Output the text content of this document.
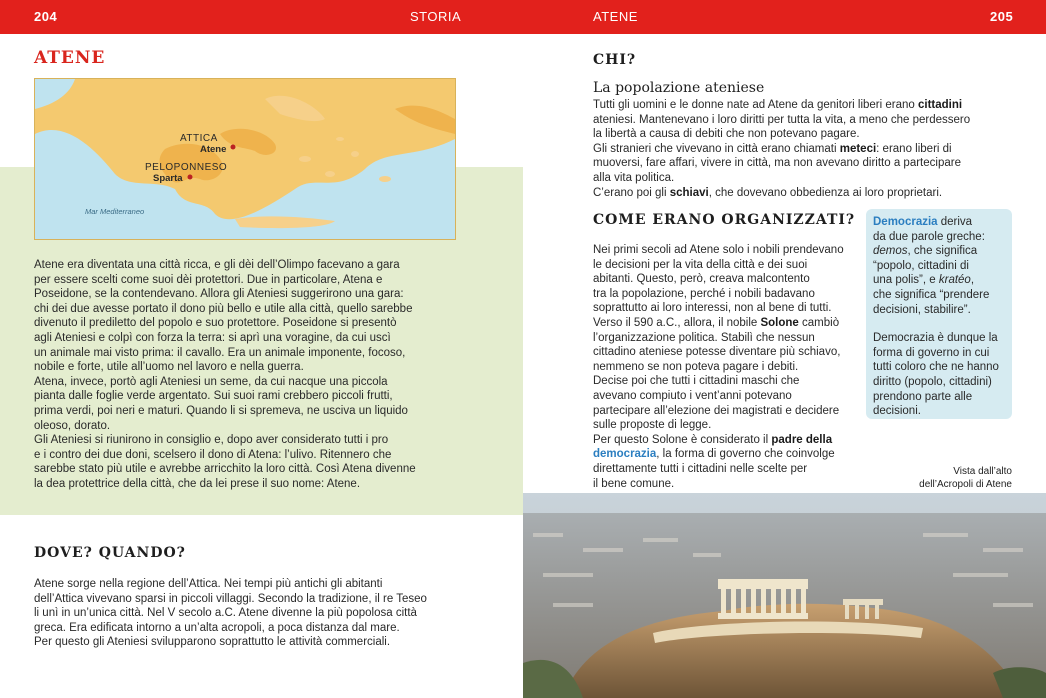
204	STORIA	ATENE	205
ATENE
ATTICA
Atene
PELOPONNESO
Sparta
Mar Mediterraneo
Atene era diventata una città ricca, e gli dèi dell’Olimpo facevano a gara
per essere scelti come suoi dèi protettori. Due in particolare, Atena e
Poseidone, se la contendevano. Allora gli Ateniesi suggerirono una gara:
chi dei due avesse portato il dono più bello e utile alla città, quello sarebbe
divenuto il prediletto del popolo e suo protettore. Poseidone si presentò
agli Ateniesi e colpì con forza la terra: si aprì una voragine, da cui uscì
un animale mai visto prima: il cavallo. Era un animale imponente, focoso,
nobile e forte, utile all’uomo nel lavoro e nella guerra.
Atena, invece, portò agli Ateniesi un seme, da cui nacque una piccola
pianta dalle foglie verde argentato. Sui suoi rami crebbero piccoli frutti,
prima verdi, poi neri e maturi. Quando li si spremeva, ne usciva un liquido
oleoso, dorato.
Gli Ateniesi si riunirono in consiglio e, dopo aver considerato tutti i pro
e i contro dei due doni, scelsero il dono di Atena: l’ulivo. Ritennero che
sarebbe stato più utile e avrebbe arricchito la loro città. Così Atena divenne
la dea protettrice della città, che da lei prese il suo nome: Atene.
DOVE? QUANDO?
Atene sorge nella regione dell’Attica. Nei tempi più antichi gli abitanti
dell’Attica vivevano sparsi in piccoli villaggi. Secondo la tradizione, il re Teseo
li unì in un’unica città. Nel V secolo a.C. Atene divenne la più popolosa città
greca. Era edificata intorno a un’alta acropoli, a poca distanza dal mare.
Per questo gli Ateniesi svilupparono soprattutto le attività commerciali.
CHI?
La popolazione ateniese
Tutti gli uomini e le donne nate ad Atene da genitori liberi erano cittadini
ateniesi. Mantenevano i loro diritti per tutta la vita, a meno che perdessero
la libertà a causa di debiti che non potevano pagare.
Gli stranieri che vivevano in città erano chiamati meteci: erano liberi di
muoversi, fare affari, vivere in città, ma non avevano diritto a partecipare
alla vita politica.
C’erano poi gli schiavi, che dovevano obbedienza ai loro proprietari.
COME ERANO ORGANIZZATI?
Nei primi secoli ad Atene solo i nobili prendevano
le decisioni per la vita della città e dei suoi
abitanti. Questo, però, creava malcontento
tra la popolazione, perché i nobili badavano
soprattutto ai loro interessi, non al bene di tutti.
Verso il 590 a.C., allora, il nobile Solone cambiò
l’organizzazione politica. Stabilì che nessun
cittadino ateniese potesse diventare più schiavo,
nemmeno se non poteva pagare i debiti.
Decise poi che tutti i cittadini maschi che
avevano compiuto i vent’anni potevano
partecipare all’elezione dei magistrati e decidere
sulle proposte di legge.
Per questo Solone è considerato il padre della
democrazia, la forma di governo che coinvolge
direttamente tutti i cittadini nelle scelte per
il bene comune.
Democrazia deriva
da due parole greche:
demos, che significa
“popolo, cittadini di
una polis”, e kratéo,
che significa “prendere
decisioni, stabilire”.
Democrazia è dunque la
forma di governo in cui
tutti coloro che ne hanno
diritto (popolo, cittadini)
prendono parte alle
decisioni.
Vista dall’alto
dell’Acropoli di Atene
